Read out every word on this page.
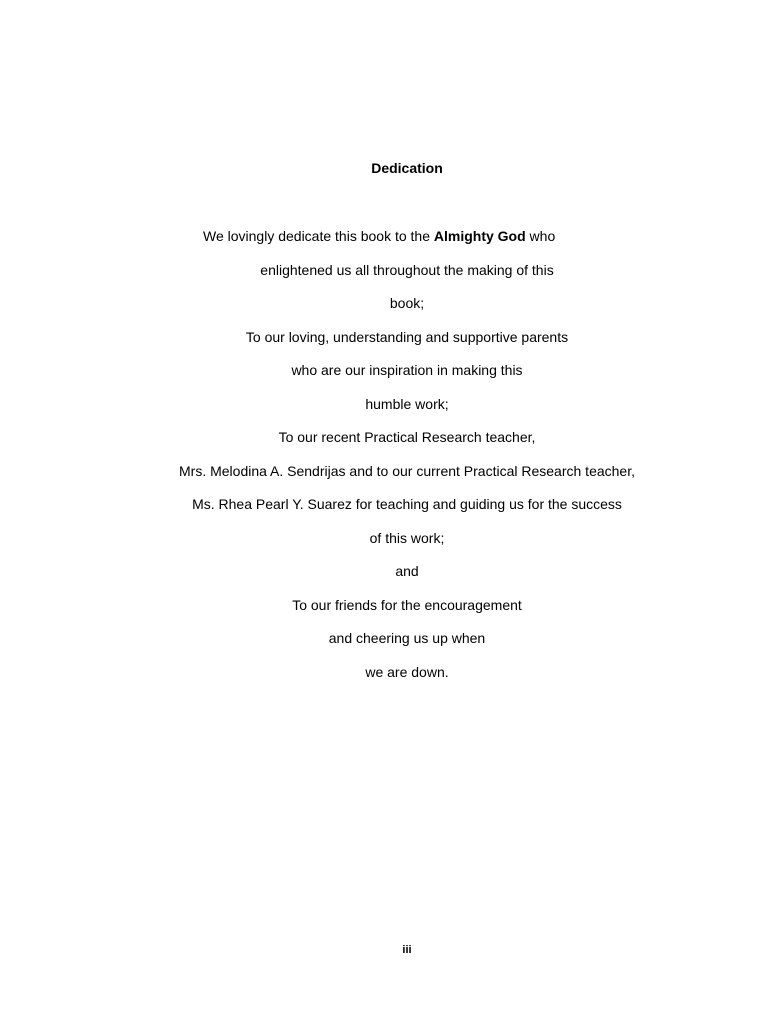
Dedication
We lovingly dedicate this book to the Almighty God who
enlightened us all throughout the making of this
book;
To our loving, understanding and supportive parents
who are our inspiration in making this
humble work;
To our recent Practical Research teacher,
Mrs. Melodina A. Sendrijas and to our current Practical Research teacher,
Ms. Rhea Pearl Y. Suarez for teaching and guiding us for the success
of this work;
and
To our friends for the encouragement
and cheering us up when
we are down.
iii
